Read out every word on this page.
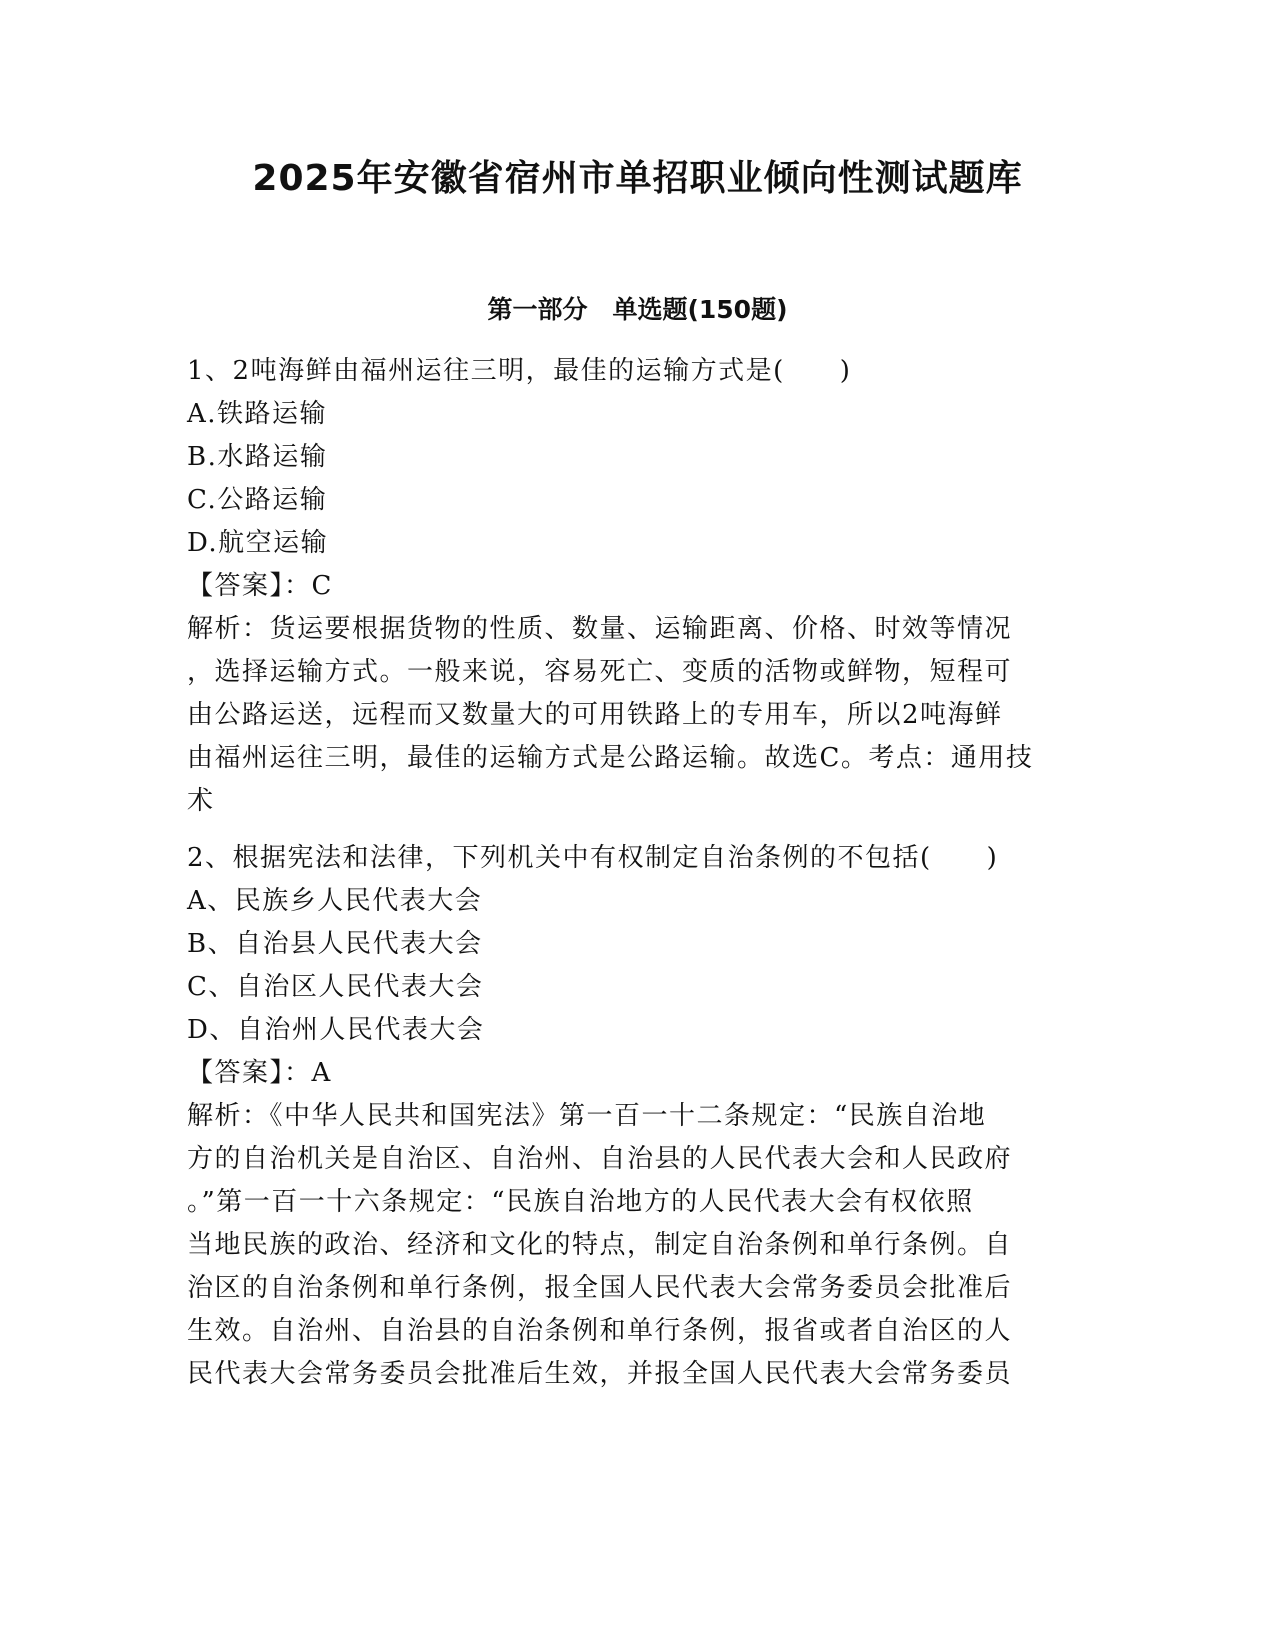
2025年安徽省宿州市单招职业倾向性测试题库
第一部分　单选题(150题)
1、2吨海鲜由福州运往三明，最佳的运输方式是(　　)
A.铁路运输
B.水路运输
C.公路运输
D.航空运输
【答案】：C
解析：货运要根据货物的性质、数量、运输距离、价格、时效等情况
，选择运输方式。一般来说，容易死亡、变质的活物或鲜物，短程可
由公路运送，远程而又数量大的可用铁路上的专用车，所以2吨海鲜
由福州运往三明，最佳的运输方式是公路运输。故选C。考点：通用技
术
2、根据宪法和法律，下列机关中有权制定自治条例的不包括(　　)
A、民族乡人民代表大会
B、自治县人民代表大会
C、自治区人民代表大会
D、自治州人民代表大会
【答案】：A
解析：《中华人民共和国宪法》第一百一十二条规定：“民族自治地
方的自治机关是自治区、自治州、自治县的人民代表大会和人民政府
。”第一百一十六条规定：“民族自治地方的人民代表大会有权依照
当地民族的政治、经济和文化的特点，制定自治条例和单行条例。自
治区的自治条例和单行条例，报全国人民代表大会常务委员会批准后
生效。自治州、自治县的自治条例和单行条例，报省或者自治区的人
民代表大会常务委员会批准后生效，并报全国人民代表大会常务委员
